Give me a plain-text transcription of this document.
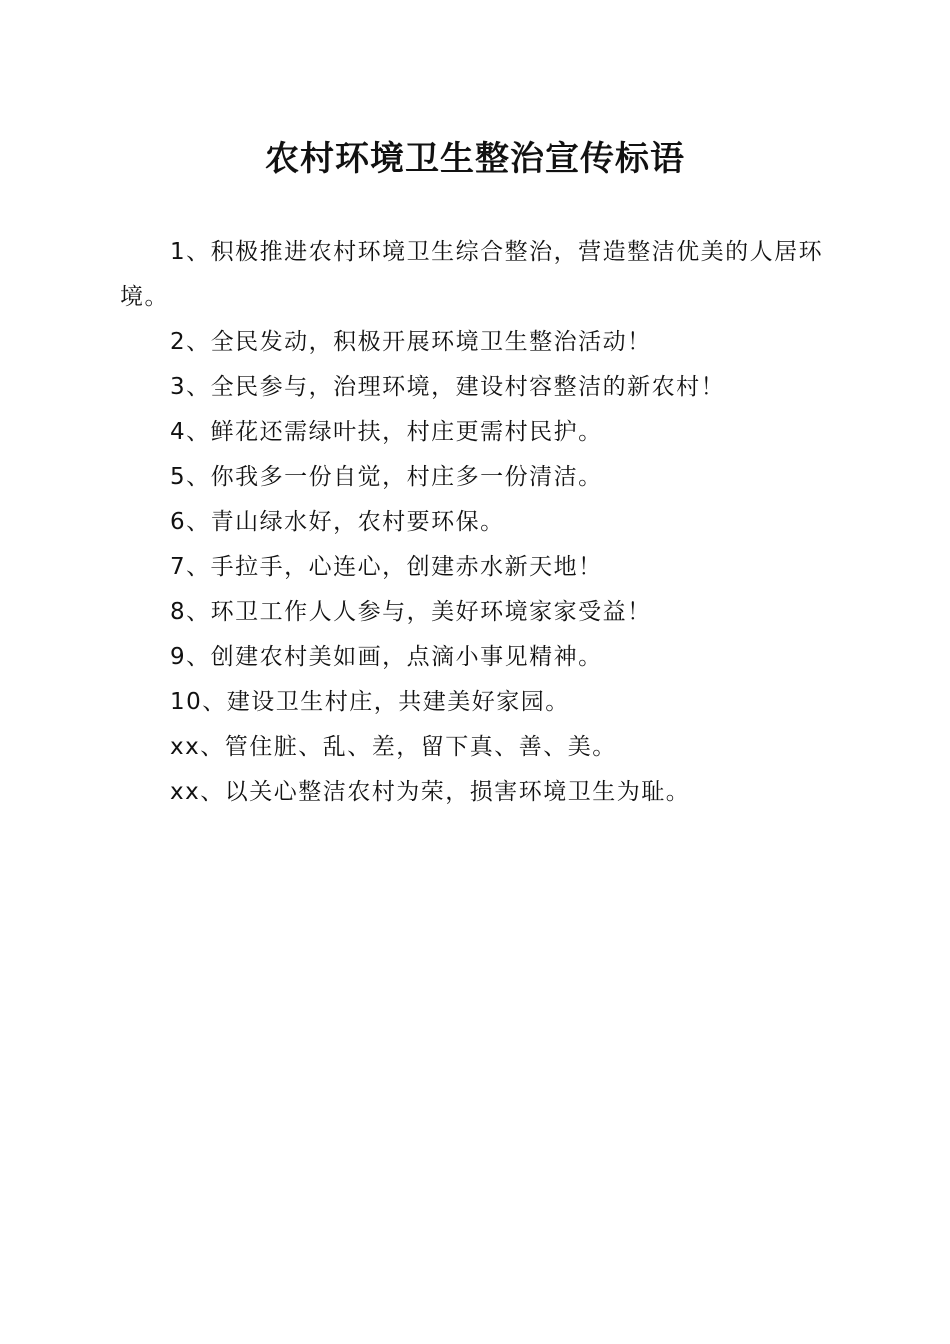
农村环境卫生整治宣传标语

1、积极推进农村环境卫生综合整治，营造整洁优美的人居环境。

2、全民发动，积极开展环境卫生整治活动！

3、全民参与，治理环境，建设村容整洁的新农村！

4、鲜花还需绿叶扶，村庄更需村民护。

5、你我多一份自觉，村庄多一份清洁。

6、青山绿水好，农村要环保。

7、手拉手，心连心，创建赤水新天地！

8、环卫工作人人参与，美好环境家家受益！

9、创建农村美如画，点滴小事见精神。

10、建设卫生村庄，共建美好家园。

xx、管住脏、乱、差，留下真、善、美。

xx、以关心整洁农村为荣，损害环境卫生为耻。
